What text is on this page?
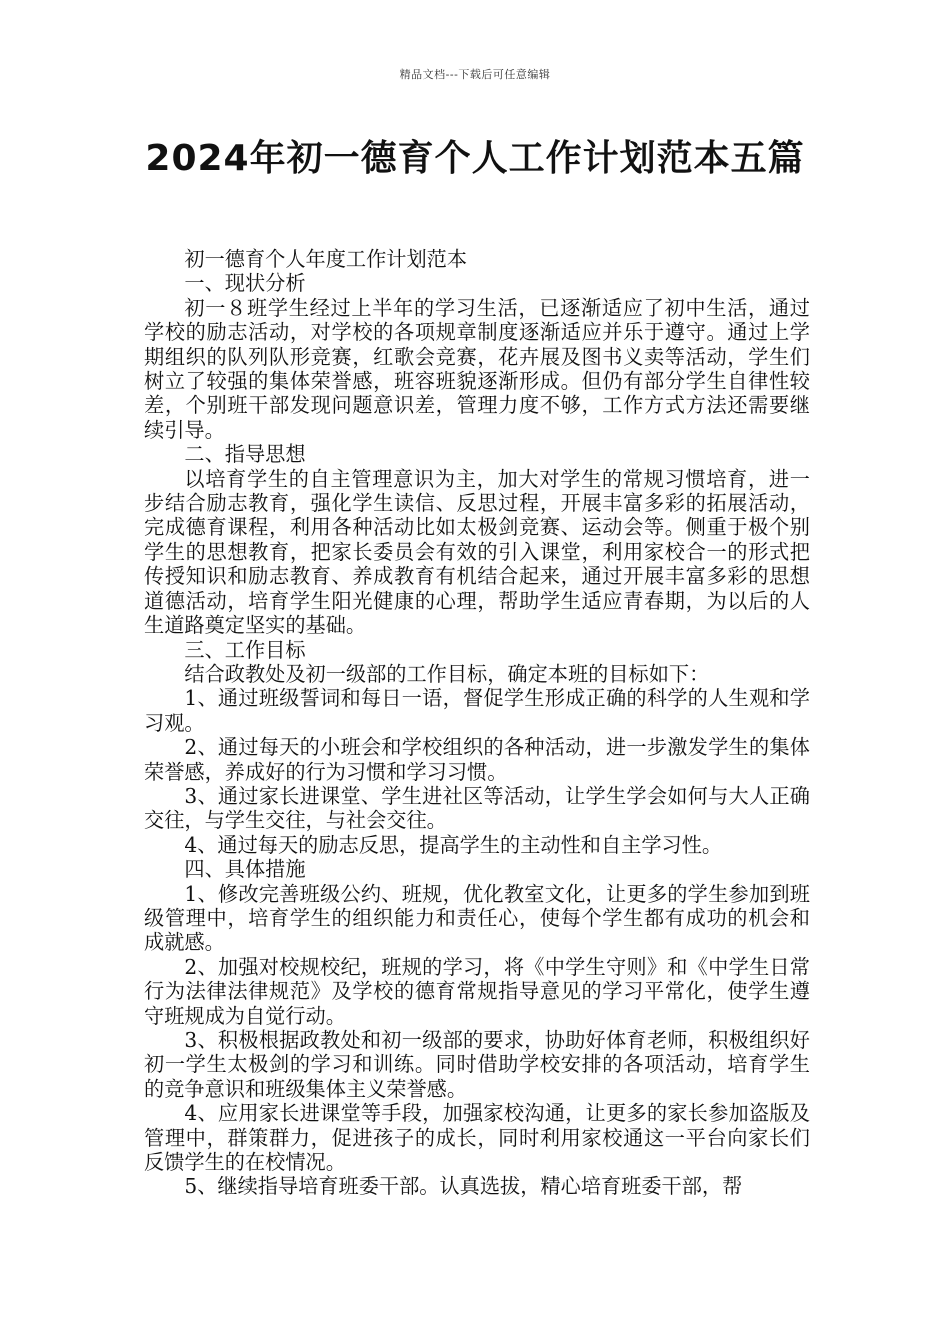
精品文档---下载后可任意编辑
2024年初一德育个人工作计划范本五篇

初一德育个人年度工作计划范本

一、现状分析

初一８班学生经过上半年的学习生活，已逐渐适应了初中生活，通过学校的励志活动，对学校的各项规章制度逐渐适应并乐于遵守。通过上学期组织的队列队形竞赛，红歌会竞赛，花卉展及图书义卖等活动，学生们树立了较强的集体荣誉感，班容班貌逐渐形成。但仍有部分学生自律性较差，个别班干部发现问题意识差，管理力度不够，工作方式方法还需要继续引导。

二、指导思想

以培育学生的自主管理意识为主，加大对学生的常规习惯培育，进一步结合励志教育，强化学生读信、反思过程，开展丰富多彩的拓展活动，完成德育课程，利用各种活动比如太极剑竞赛、运动会等。侧重于极个别学生的思想教育，把家长委员会有效的引入课堂，利用家校合一的形式把传授知识和励志教育、养成教育有机结合起来，通过开展丰富多彩的思想道德活动，培育学生阳光健康的心理，帮助学生适应青春期，为以后的人生道路奠定坚实的基础。

三、工作目标

结合政教处及初一级部的工作目标，确定本班的目标如下：

1、通过班级誓词和每日一语，督促学生形成正确的科学的人生观和学习观。

2、通过每天的小班会和学校组织的各种活动，进一步激发学生的集体荣誉感，养成好的行为习惯和学习习惯。

3、通过家长进课堂、学生进社区等活动，让学生学会如何与大人正确交往，与学生交往，与社会交往。

4、通过每天的励志反思，提高学生的主动性和自主学习性。

四、具体措施

1、修改完善班级公约、班规，优化教室文化，让更多的学生参加到班级管理中，培育学生的组织能力和责任心，使每个学生都有成功的机会和成就感。

2、加强对校规校纪，班规的学习，将《中学生守则》和《中学生日常行为法律法律规范》及学校的德育常规指导意见的学习平常化，使学生遵守班规成为自觉行动。

3、积极根据政教处和初一级部的要求，协助好体育老师，积极组织好初一学生太极剑的学习和训练。同时借助学校安排的各项活动，培育学生的竞争意识和班级集体主义荣誉感。

4、应用家长进课堂等手段，加强家校沟通，让更多的家长参加盗版及管理中，群策群力，促进孩子的成长，同时利用家校通这一平台向家长们反馈学生的在校情况。

5、继续指导培育班委干部。认真选拔，精心培育班委干部，帮
